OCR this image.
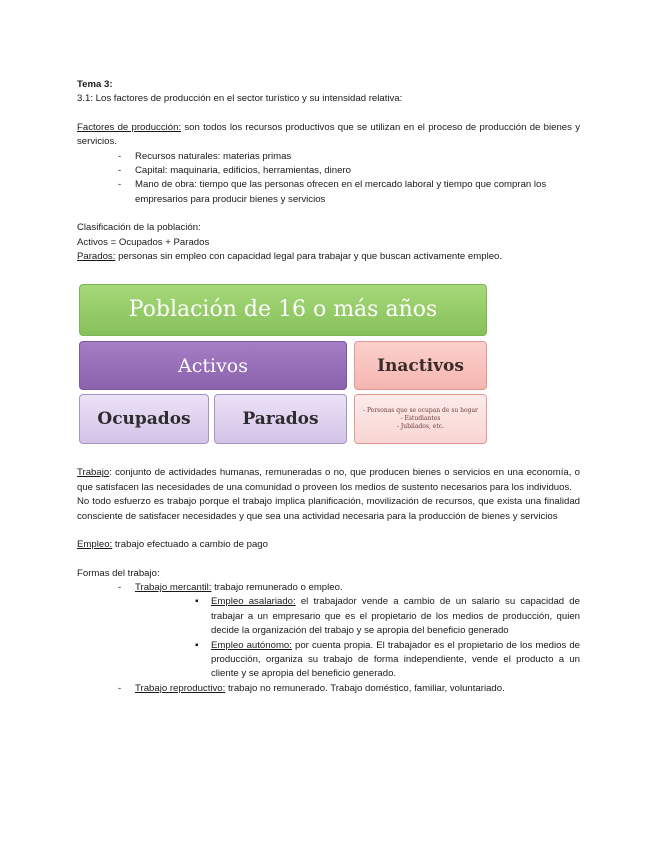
Tema 3:

3.1: Los factores de producción en el sector turístico y su intensidad relativa:

Factores de producción: son todos los recursos productivos que se utilizan en el proceso de producción de bienes y servicios.

- Recursos naturales: materias primas
- Capital: maquinaria, edificios, herramientas, dinero
- Mano de obra: tiempo que las personas ofrecen en el mercado laboral y tiempo que compran los empresarios para producir bienes y servicios

Clasificación de la población:

Activos = Ocupados + Parados

Parados: personas sin empleo con capacidad legal para trabajar y que buscan activamente empleo.

Población de 16 o más años
Activos	Inactivos
Ocupados	Parados	- Personas que se ocupan de su hogar
- Estudiantes
- Jubilados, etc.

Trabajo: conjunto de actividades humanas, remuneradas o no, que producen bienes o servicios en una economía, o que satisfacen las necesidades de una comunidad o proveen los medios de sustento necesarios para los individuos.

No todo esfuerzo es trabajo porque el trabajo implica planificación, movilización de recursos, que exista una finalidad consciente de satisfacer necesidades y que sea una actividad necesaria para la producción de bienes y servicios

Empleo: trabajo efectuado a cambio de pago

Formas del trabajo:

- Trabajo mercantil: trabajo remunerado o empleo.
▪ Empleo asalariado: el trabajador vende a cambio de un salario su capacidad de trabajar a un empresario que es el propietario de los medios de producción, quien decide la organización del trabajo y se apropia del beneficio generado
▪ Empleo autónomo: por cuenta propia. El trabajador es el propietario de los medios de producción, organiza su trabajo de forma independiente, vende el producto a un cliente y se apropia del beneficio generado.
- Trabajo reproductivo: trabajo no remunerado. Trabajo doméstico, familiar, voluntariado.
